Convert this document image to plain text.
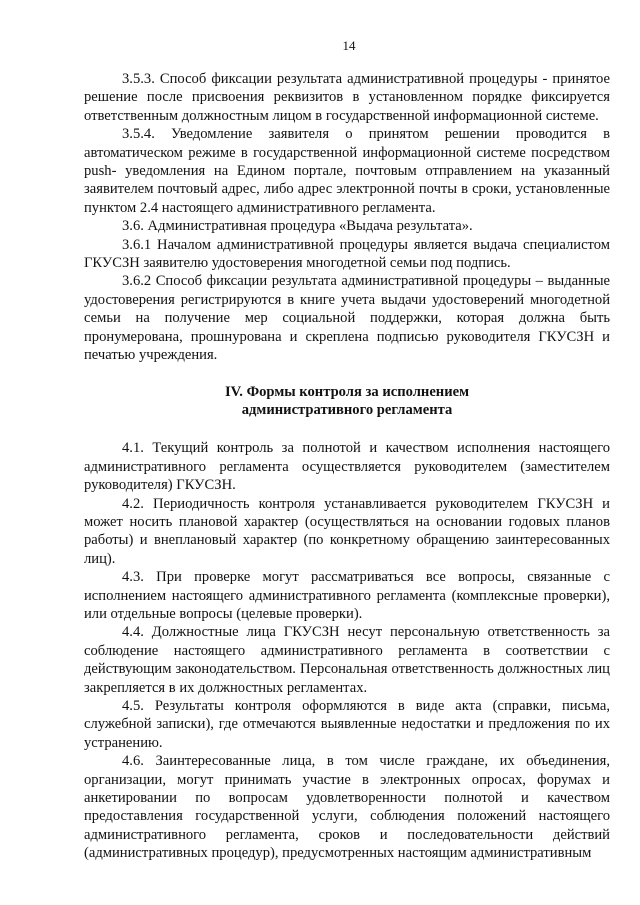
14

3.5.3. Способ фиксации результата административной процедуры - принятое решение после присвоения реквизитов в установленном порядке фиксируется ответственным должностным лицом в государственной информационной системе.

3.5.4. Уведомление заявителя о принятом решении проводится в автоматическом режиме в государственной информационной системе посредством push- уведомления на Едином портале, почтовым отправлением на указанный заявителем почтовый адрес, либо адрес электронной почты в сроки, установленные пунктом 2.4 настоящего административного регламента.

3.6. Административная процедура «Выдача результата».

3.6.1 Началом административной процедуры является выдача специалистом ГКУСЗН заявителю удостоверения многодетной семьи под подпись.

3.6.2 Способ фиксации результата административной процедуры – выданные удостоверения регистрируются в книге учета выдачи удостоверений многодетной семьи на получение мер социальной поддержки, которая должна быть пронумерована, прошнурована и скреплена подписью руководителя ГКУСЗН и печатью учреждения.

IV. Формы контроля за исполнением
административного регламента

4.1. Текущий контроль за полнотой и качеством исполнения настоящего административного регламента осуществляется руководителем (заместителем руководителя) ГКУСЗН.

4.2. Периодичность контроля устанавливается руководителем ГКУСЗН и может носить плановой характер (осуществляться на основании годовых планов работы) и внеплановый характер (по конкретному обращению заинтересованных лиц).

4.3. При проверке могут рассматриваться все вопросы, связанные с исполнением настоящего административного регламента (комплексные проверки), или отдельные вопросы (целевые проверки).

4.4. Должностные лица ГКУСЗН несут персональную ответственность за соблюдение настоящего административного регламента в соответствии с действующим законодательством. Персональная ответственность должностных лиц закрепляется в их должностных регламентах.

4.5. Результаты контроля оформляются в виде акта (справки, письма, служебной записки), где отмечаются выявленные недостатки и предложения по их устранению.

4.6. Заинтересованные лица, в том числе граждане, их объединения, организации, могут принимать участие в электронных опросах, форумах и анкетировании по вопросам удовлетворенности полнотой и качеством предоставления государственной услуги, соблюдения положений настоящего административного регламента, сроков и последовательности действий (административных процедур), предусмотренных настоящим административным
